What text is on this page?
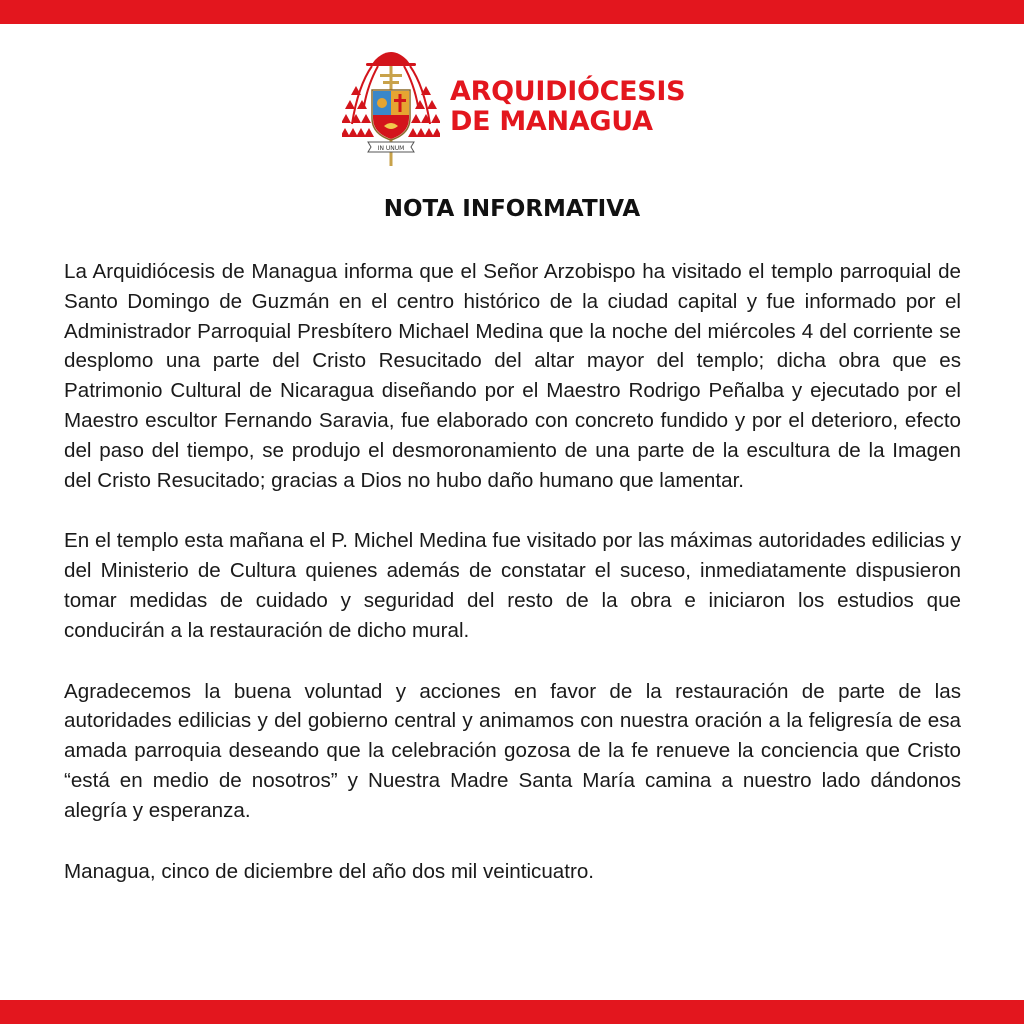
IN UNUM
ARQUIDIÓCESIS
DE MANAGUA
NOTA INFORMATIVA

La Arquidiócesis de Managua informa que el Señor Arzobispo ha visitado el templo parroquial de Santo Domingo de Guzmán en el centro histórico de la ciudad capital y fue informado por el Administrador Parroquial Presbítero Michael Medina que la noche del miércoles 4 del corriente se desplomo una parte del Cristo Resucitado del altar mayor del templo; dicha obra que es Patrimonio Cultural de Nicaragua diseñando por el Maestro Rodrigo Peñalba y ejecutado por el Maestro escultor Fernando Saravia, fue elaborado con concreto fundido y por el deterioro, efecto del paso del tiempo, se produjo el desmoronamiento de una parte de la escultura de la Imagen del Cristo Resucitado; gracias a Dios no hubo daño humano que lamentar.

En el templo esta mañana el P. Michel Medina fue visitado por las máximas autoridades edilicias y del Ministerio de Cultura quienes además de constatar el suceso, inmediatamente dispusieron tomar medidas de cuidado y seguridad del resto de la obra e iniciaron los estudios que conducirán a la restauración de dicho mural.

Agradecemos la buena voluntad y acciones en favor de la restauración de parte de las autoridades edilicias y del gobierno central y animamos con nuestra oración a la feligresía de esa amada parroquia deseando que la celebración gozosa de la fe renueve la conciencia que Cristo “está en medio de nosotros” y Nuestra Madre Santa María camina a nuestro lado dándonos alegría y esperanza.

Managua, cinco de diciembre del año dos mil veinticuatro.
